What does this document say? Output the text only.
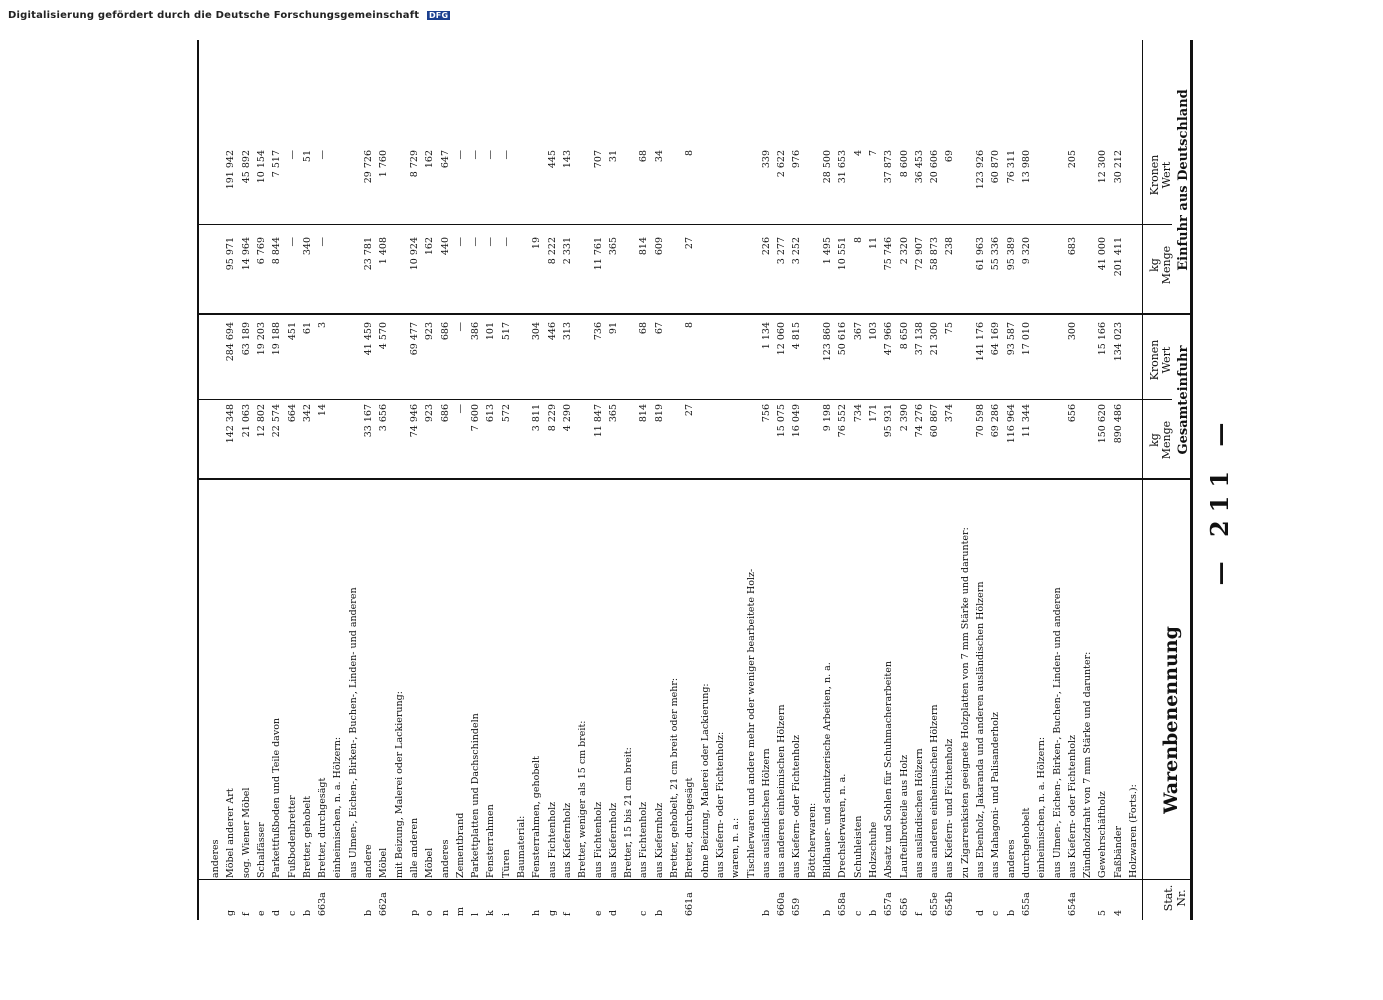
Digitalisierung gefördert durch die Deutsche Forschungsgemeinschaft DFG
— 211 —
Stat. Nr.
Warenbenennung
Gesamteinfuhr
Einfuhr aus Deutschland
Menge
kg
Wert
Kronen
Menge
kg
Wert
Kronen
Holzwaren (Forts.):
4
Faßbänder
890 486
134 023
201 411
30 212
5
Gewehrschäftholz
150 620
15 166
41 000
12 300
Zündholzdraht von 7 mm Stärke und darunter:
654a
aus Kiefern- oder Fichtenholz
656
300
683
205
aus Ulmen-, Eichen-, Birken-, Buchen-, Linden- und anderen
einheimischen, n. a. Hölzern:
655a
durchgehobelt
11 344
17 010
9 320
13 980
b
anderes
116 964
93 587
95 389
76 311
c
aus Mahagoni- und Palisanderholz
69 286
64 169
55 336
60 870
d
aus Ebenholz, Jakaranda und anderen ausländischen Hölzern
70 598
141 176
61 963
123 926
zu Zigarrenkisten geeignete Holzplatten von 7 mm Stärke und darunter:
654b
aus Kiefern- und Fichtenholz
374
75
238
69
655e
aus anderen einheimischen Hölzern
60 867
21 300
58 873
20 606
f
aus ausländischen Hölzern
74 276
37 138
72 907
36 453
656
Laufteilbrotteile aus Holz
2 390
8 650
2 320
8 600
657a
Absatz und Sohlen für Schuhmacherarbeiten
95 931
47 966
75 746
37 873
b
Holzschuhe
171
103
11
7
c
Schuhleisten
734
367
8
4
658a
Drechslerwaren, n. a.
76 552
50 616
10 551
31 653
b
Bildhauer- und schnitzerische Arbeiten, n. a.
9 198
123 860
1 495
28 500
Böttcherwaren:
659
aus Kiefern- oder Fichtenholz
16 049
4 815
3 252
976
660a
aus anderen einheimischen Hölzern
15 075
12 060
3 277
2 622
b
aus ausländischen Hölzern
756
1 134
226
339
Tischlerwaren und andere mehr oder weniger bearbeitete Holz-
waren, n. a.:
aus Kiefern- oder Fichtenholz:
ohne Beizung, Malerei oder Lackierung:
661a
Bretter, durchgesägt
27
8
27
8
Bretter, gehobelt, 21 cm breit oder mehr:
b
aus Kiefernholz
819
67
609
34
c
aus Fichtenholz
814
68
814
68
Bretter, 15 bis 21 cm breit:
d
aus Kiefernholz
365
91
365
31
e
aus Fichtenholz
11 847
736
11 761
707
Bretter, weniger als 15 cm breit:
f
aus Kiefernholz
4 290
313
2 331
143
g
aus Fichtenholz
8 229
446
8 222
445
h
Fensterrahmen, gehobelt
3 811
304
19
Baumaterial:
i
Türen
572
517
—
—
k
Fensterrahmen
613
101
—
—
l
Parkettplatten und Dachschindeln
7 600
386
—
—
m
Zementbrand
—
—
—
—
n
anderes
686
686
440
647
o
Möbel
923
923
162
162
p
alle anderen
74 946
69 477
10 924
8 729
mit Beizung, Malerei oder Lackierung:
662a
Möbel
3 656
4 570
1 408
1 760
b
andere
33 167
41 459
23 781
29 726
aus Ulmen-, Eichen-, Birken-, Buchen-, Linden- und anderen
einheimischen, n. a. Hölzern:
663a
Bretter, durchgesägt
14
3
—
—
b
Bretter, gehobelt
342
61
340
51
c
Fußbodenbretter
664
451
—
—
d
Parkettfußboden und Teile davon
22 574
19 188
8 844
7 517
e
Schalfässer
12 802
19 203
6 769
10 154
f
sog. Wiener Möbel
21 063
63 189
14 964
45 892
g
Möbel anderer Art
142 348
284 694
95 971
191 942
anderes
